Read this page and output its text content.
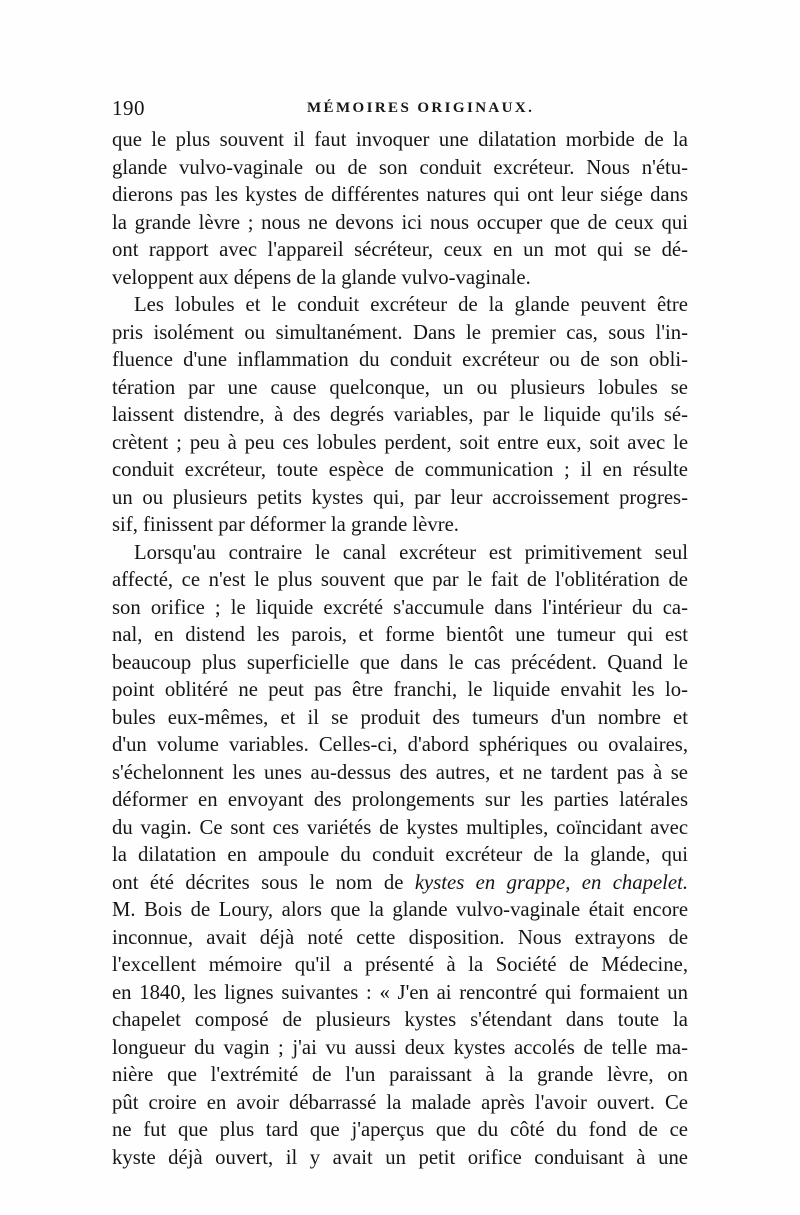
190	MÉMOIRES ORIGINAUX.
que le plus souvent il faut invoquer une dilatation morbide de la
glande vulvo-vaginale ou de son conduit excréteur. Nous n'étu-
dierons pas les kystes de différentes natures qui ont leur siége dans
la grande lèvre ; nous ne devons ici nous occuper que de ceux qui
ont rapport avec l'appareil sécréteur, ceux en un mot qui se dé-
veloppent aux dépens de la glande vulvo-vaginale.
Les lobules et le conduit excréteur de la glande peuvent être
pris isolément ou simultanément. Dans le premier cas, sous l'in-
fluence d'une inflammation du conduit excréteur ou de son obli-
tération par une cause quelconque, un ou plusieurs lobules se
laissent distendre, à des degrés variables, par le liquide qu'ils sé-
crètent ; peu à peu ces lobules perdent, soit entre eux, soit avec le
conduit excréteur, toute espèce de communication ; il en résulte
un ou plusieurs petits kystes qui, par leur accroissement progres-
sif, finissent par déformer la grande lèvre.
Lorsqu'au contraire le canal excréteur est primitivement seul
affecté, ce n'est le plus souvent que par le fait de l'oblitération de
son orifice ; le liquide excrété s'accumule dans l'intérieur du ca-
nal, en distend les parois, et forme bientôt une tumeur qui est
beaucoup plus superficielle que dans le cas précédent. Quand le
point oblitéré ne peut pas être franchi, le liquide envahit les lo-
bules eux-mêmes, et il se produit des tumeurs d'un nombre et
d'un volume variables. Celles-ci, d'abord sphériques ou ovalaires,
s'échelonnent les unes au-dessus des autres, et ne tardent pas à se
déformer en envoyant des prolongements sur les parties latérales
du vagin. Ce sont ces variétés de kystes multiples, coïncidant avec
la dilatation en ampoule du conduit excréteur de la glande, qui
ont été décrites sous le nom de kystes en grappe, en chapelet.
M. Bois de Loury, alors que la glande vulvo-vaginale était encore
inconnue, avait déjà noté cette disposition. Nous extrayons de
l'excellent mémoire qu'il a présenté à la Société de Médecine,
en 1840, les lignes suivantes : « J'en ai rencontré qui formaient un
chapelet composé de plusieurs kystes s'étendant dans toute la
longueur du vagin ; j'ai vu aussi deux kystes accolés de telle ma-
nière que l'extrémité de l'un paraissant à la grande lèvre, on
pût croire en avoir débarrassé la malade après l'avoir ouvert. Ce
ne fut que plus tard que j'aperçus que du côté du fond de ce
kyste déjà ouvert, il y avait un petit orifice conduisant à une
